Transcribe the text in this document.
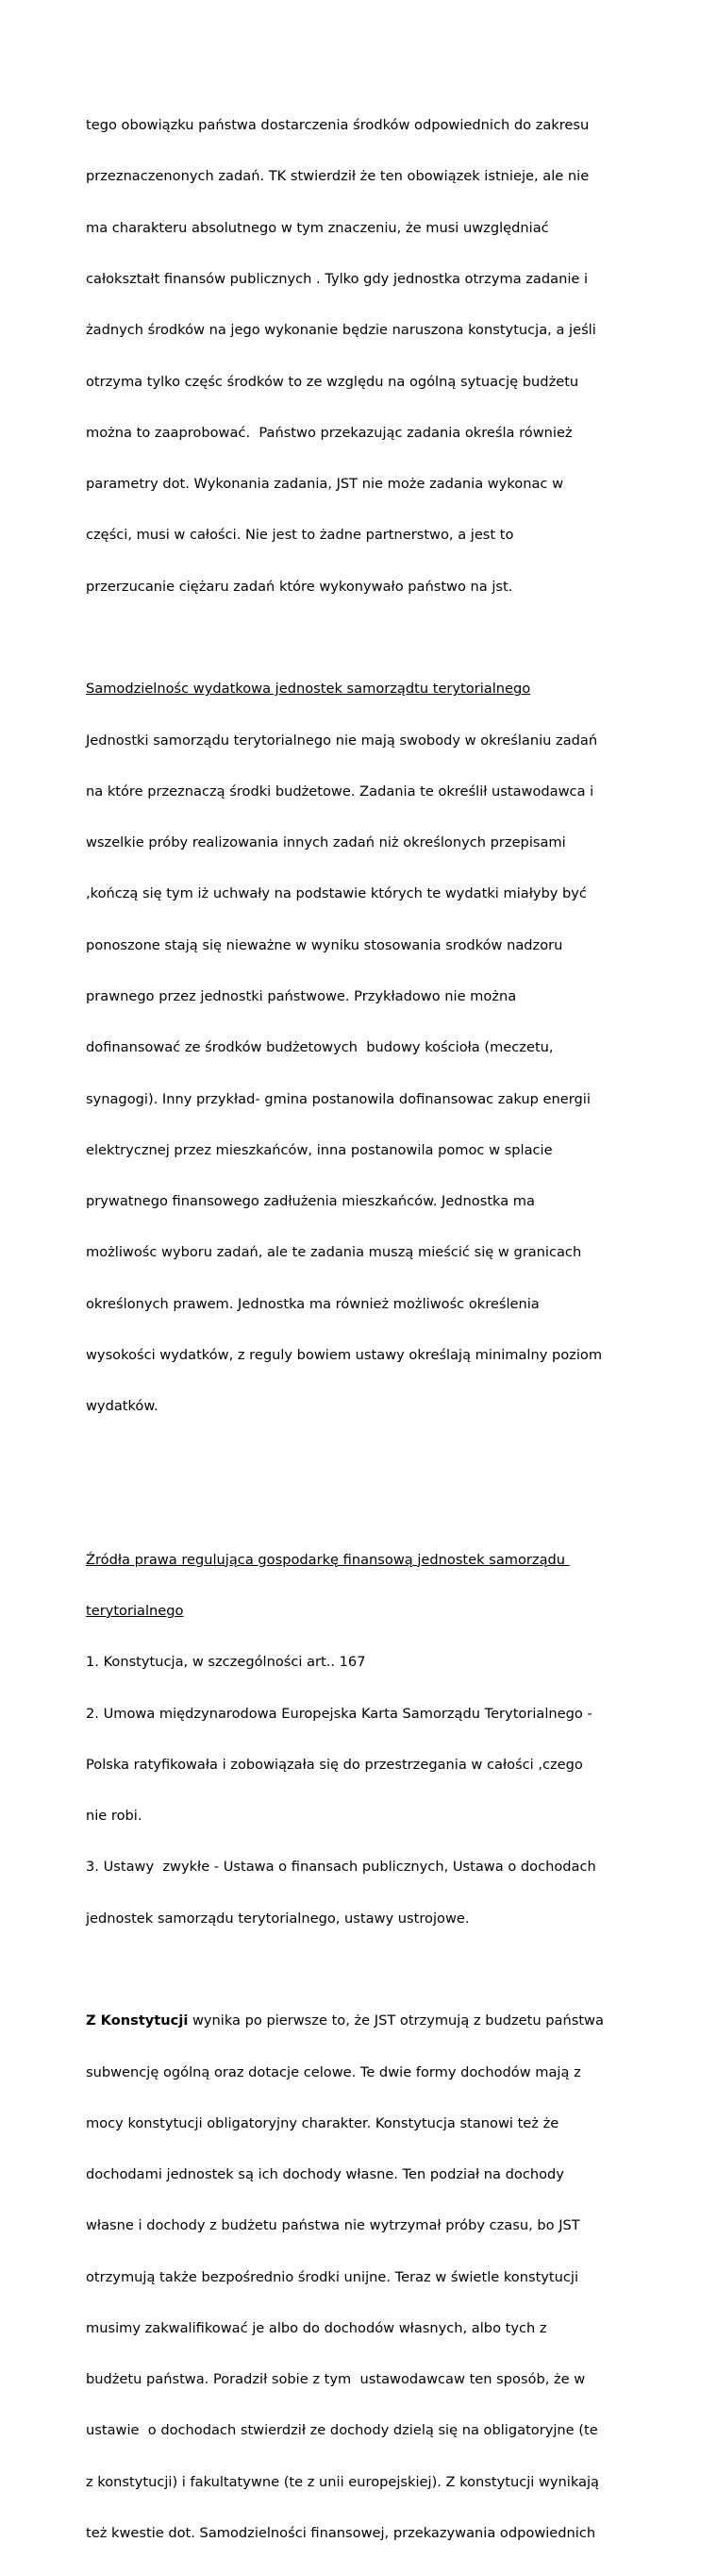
tego obowiązku państwa dostarczenia środków odpowiednich do zakresu

przeznaczenonych zadań. TK stwierdził że ten obowiązek istnieje, ale nie

ma charakteru absolutnego w tym znaczeniu, że musi uwzględniać

całokształt finansów publicznych . Tylko gdy jednostka otrzyma zadanie i

żadnych środków na jego wykonanie będzie naruszona konstytucja, a jeśli

otrzyma tylko częśc środków to ze względu na ogólną sytuację budżetu

można to zaaprobować.  Państwo przekazując zadania określa również

parametry dot. Wykonania zadania, JST nie może zadania wykonac w

części, musi w całości. Nie jest to żadne partnerstwo, a jest to

przerzucanie ciężaru zadań które wykonywało państwo na jst.

Samodzielnośc wydatkowa jednostek samorządtu terytorialnego

Jednostki samorządu terytorialnego nie mają swobody w określaniu zadań

na które przeznaczą środki budżetowe. Zadania te określił ustawodawca i

wszelkie próby realizowania innych zadań niż określonych przepisami

,kończą się tym iż uchwały na podstawie których te wydatki miałyby być

ponoszone stają się nieważne w wyniku stosowania srodków nadzoru

prawnego przez jednostki państwowe. Przykładowo nie można

dofinansować ze środków budżetowych  budowy kościoła (meczetu,

synagogi). Inny przykład- gmina postanowila dofinansowac zakup energii

elektrycznej przez mieszkańców, inna postanowila pomoc w splacie

prywatnego finansowego zadłużenia mieszkańców. Jednostka ma

możliwośc wyboru zadań, ale te zadania muszą mieścić się w granicach

określonych prawem. Jednostka ma również możliwośc określenia

wysokości wydatków, z reguly bowiem ustawy określają minimalny poziom

wydatków.

Źródła prawa regulująca gospodarkę finansową jednostek samorządu

terytorialnego

1. Konstytucja, w szczególności art.. 167

2. Umowa międzynarodowa Europejska Karta Samorządu Terytorialnego -

Polska ratyfikowała i zobowiązała się do przestrzegania w całości ,czego

nie robi.

3. Ustawy  zwykłe - Ustawa o finansach publicznych, Ustawa o dochodach

jednostek samorządu terytorialnego, ustawy ustrojowe.

Z Konstytucji wynika po pierwsze to, że JST otrzymują z budzetu państwa

subwencję ogólną oraz dotacje celowe. Te dwie formy dochodów mają z

mocy konstytucji obligatoryjny charakter. Konstytucja stanowi też że

dochodami jednostek są ich dochody własne. Ten podział na dochody

własne i dochody z budżetu państwa nie wytrzymał próby czasu, bo JST

otrzymują także bezpośrednio środki unijne. Teraz w świetle konstytucji

musimy zakwalifikować je albo do dochodów własnych, albo tych z

budżetu państwa. Poradził sobie z tym  ustawodawcaw ten sposób, że w

ustawie  o dochodach stwierdził ze dochody dzielą się na obligatoryjne (te

z konstytucji) i fakultatywne (te z unii europejskiej). Z konstytucji wynikają

też kwestie dot. Samodzielności finansowej, przekazywania odpowiednich
